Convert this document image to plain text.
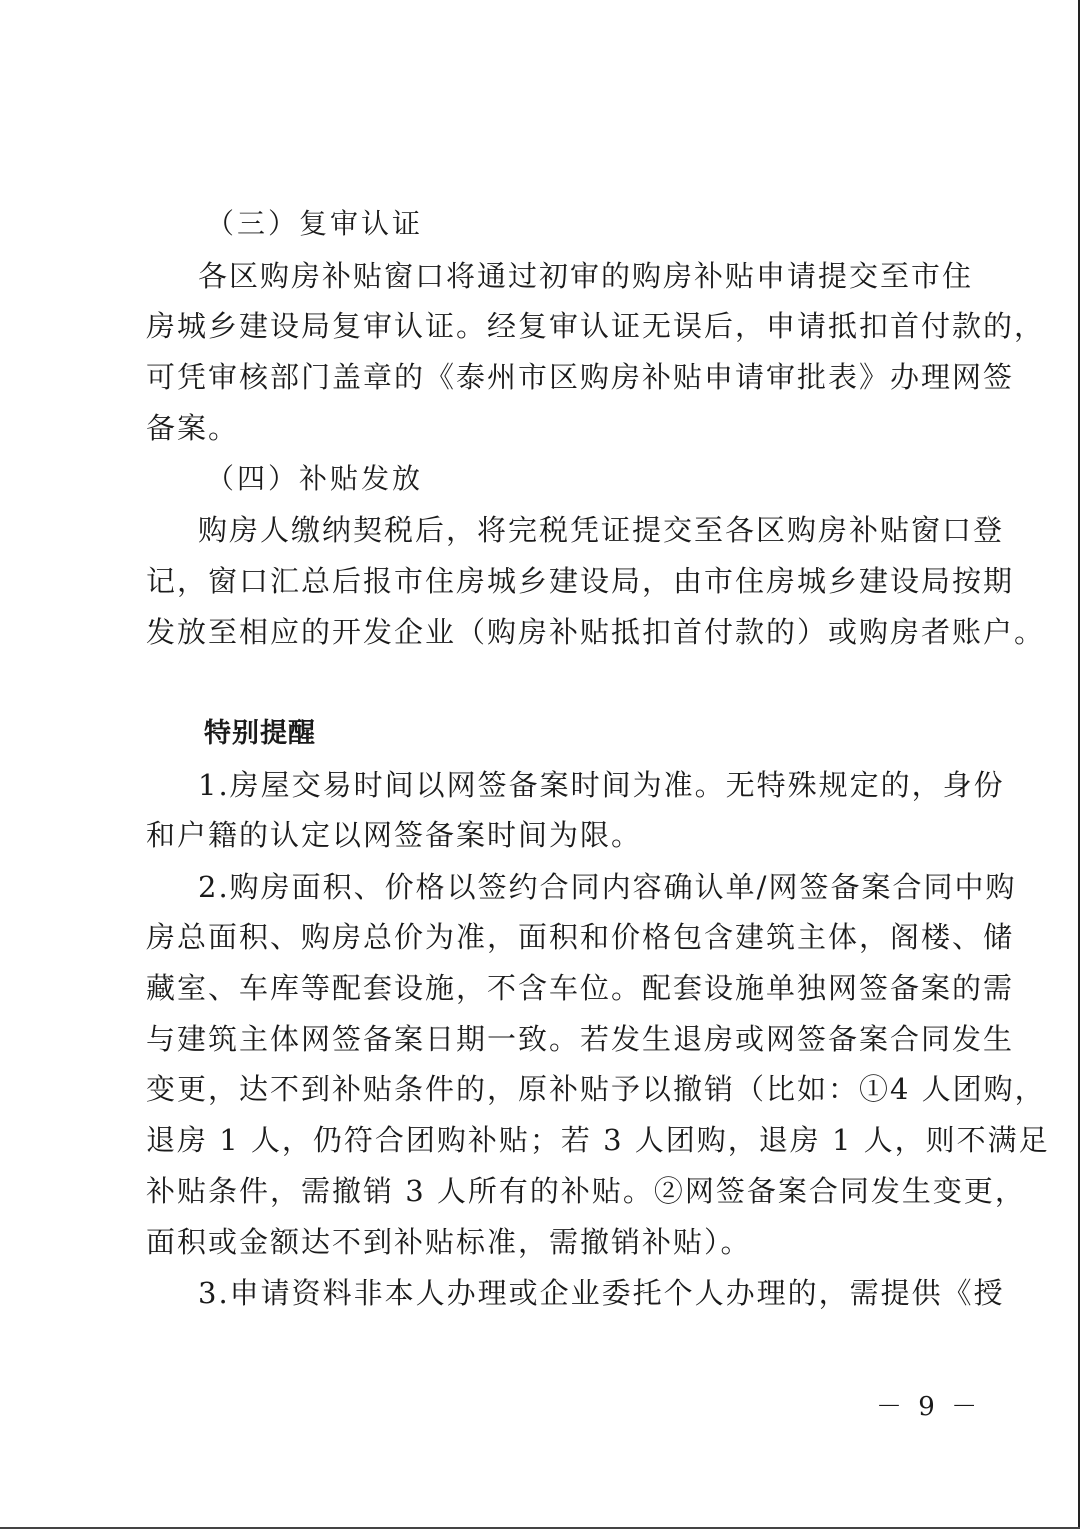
（三）复审认证
各区购房补贴窗口将通过初审的购房补贴申请提交至市住
房城乡建设局复审认证。经复审认证无误后，申请抵扣首付款的，
可凭审核部门盖章的《泰州市区购房补贴申请审批表》办理网签
备案。
（四）补贴发放
购房人缴纳契税后，将完税凭证提交至各区购房补贴窗口登
记，窗口汇总后报市住房城乡建设局，由市住房城乡建设局按期
发放至相应的开发企业（购房补贴抵扣首付款的）或购房者账户。
特别提醒
1.房屋交易时间以网签备案时间为准。无特殊规定的，身份
和户籍的认定以网签备案时间为限。
2.购房面积、价格以签约合同内容确认单/网签备案合同中购
房总面积、购房总价为准，面积和价格包含建筑主体，阁楼、储
藏室、车库等配套设施，不含车位。配套设施单独网签备案的需
与建筑主体网签备案日期一致。若发生退房或网签备案合同发生
变更，达不到补贴条件的，原补贴予以撤销（比如：①4 人团购，
退房 1 人，仍符合团购补贴；若 3 人团购，退房 1 人，则不满足
补贴条件，需撤销 3 人所有的补贴。②网签备案合同发生变更，
面积或金额达不到补贴标准，需撤销补贴）。
3.申请资料非本人办理或企业委托个人办理的，需提供《授
－ 9 －
